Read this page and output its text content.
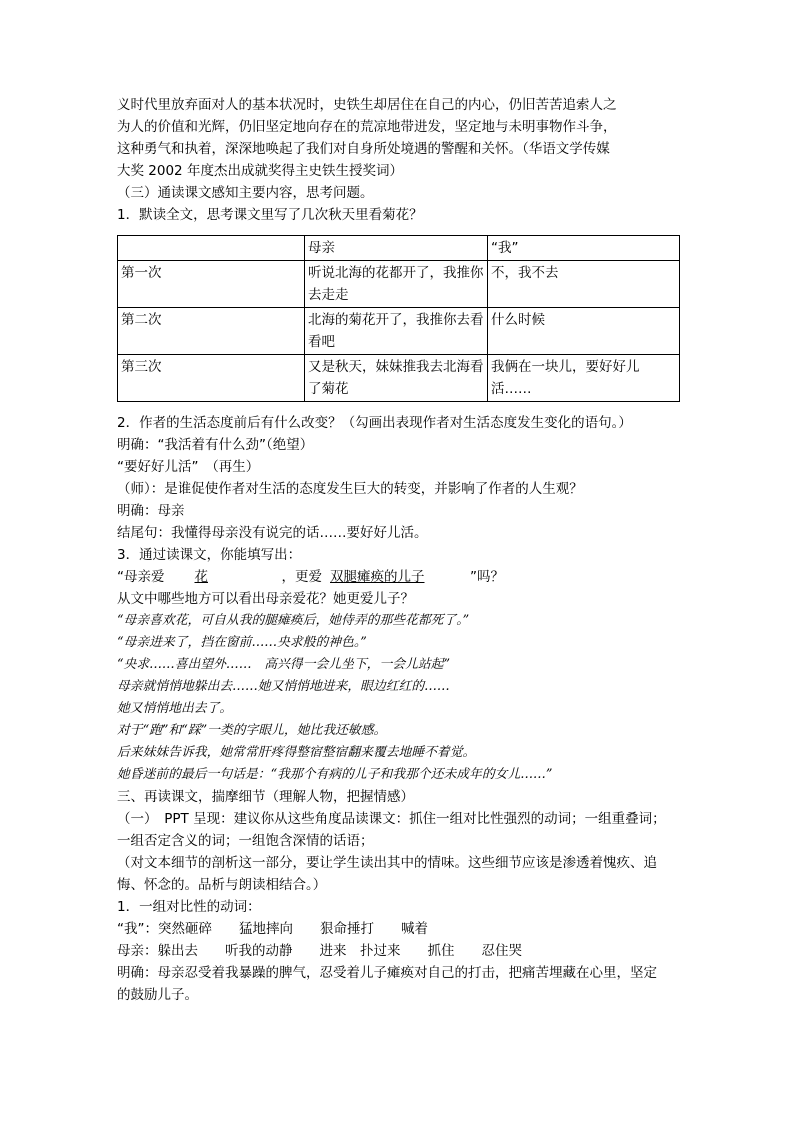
义时代里放弃面对人的基本状况时，史铁生却居住在自己的内心，仍旧苦苦追索人之
为人的价值和光辉，仍旧坚定地向存在的荒凉地带进发，坚定地与未明事物作斗争，
这种勇气和执着，深深地唤起了我们对自身所处境遇的警醒和关怀。（华语文学传媒
大奖 2002 年度杰出成就奖得主史铁生授奖词）
（三）通读课文感知主要内容，思考问题。
1．默读全文，思考课文里写了几次秋天里看菊花？
	母亲	“我”
第一次	听说北海的花都开了，我推你去走走	不，我不去
第二次	北海的菊花开了，我推你去看看吧	什么时候
第三次	又是秋天，妹妹推我去北海看了菊花	我俩在一块儿，要好好儿活……
2．作者的生活态度前后有什么改变？（勾画出表现作者对生活态度发生变化的语句。）
明确：“我活着有什么劲”（绝望）
“要好好儿活”　（再生）
（师）：是谁促使作者对生活的态度发生巨大的转变，并影响了作者的人生观？
明确：母亲
结尾句：我懂得母亲没有说完的话……要好好儿活。
3．通过读课文，你能填写出：
“母亲爱 花	，更爱 双腿瘫痪的儿子	”吗？
从文中哪些地方可以看出母亲爱花？她更爱儿子？
“母亲喜欢花，可自从我的腿瘫痪后，她侍弄的那些花都死了。”
“母亲进来了，挡在窗前……央求般的神色。”
“央求……喜出望外……　高兴得一会儿坐下，一会儿站起”
母亲就悄悄地躲出去……她又悄悄地进来，眼边红红的……
她又悄悄地出去了。
对于“跑”和“踩”一类的字眼儿，她比我还敏感。
后来妹妹告诉我，她常常肝疼得整宿整宿翻来覆去地睡不着觉。
她昏迷前的最后一句话是：“我那个有病的儿子和我那个还未成年的女儿……”
三、再读课文，揣摩细节（理解人物，把握情感）
（一）　PPT 呈现：建议你从这些角度品读课文：抓住一组对比性强烈的动词；一组重叠词；
一组否定含义的词；一组饱含深情的话语；
（对文本细节的剖析这一部分，要让学生读出其中的情味。这些细节应该是渗透着愧疚、追
悔、怀念的。品析与朗读相结合。）
1．一组对比性的动词：
“我”：突然砸碎　　猛地摔向　　狠命捶打　　喊着
母亲：躲出去　　听我的动静　　进来　扑过来　　抓住　　忍住哭
明确：母亲忍受着我暴躁的脾气，忍受着儿子瘫痪对自己的打击，把痛苦埋藏在心里，坚定
的鼓励儿子。
